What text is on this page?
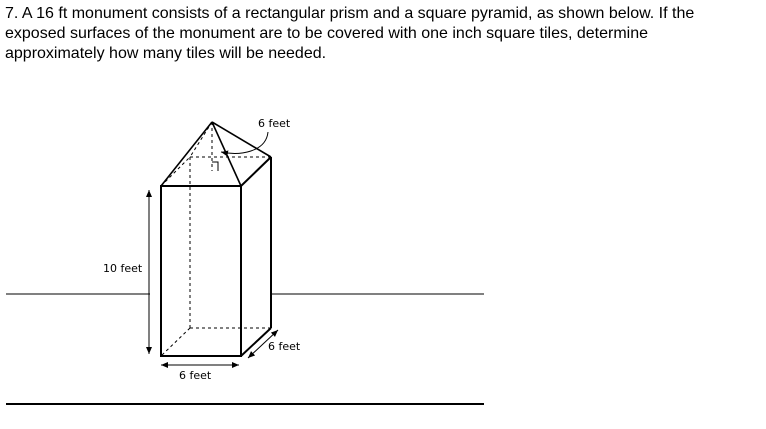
7. A 16 ft monument consists of a rectangular prism and a square pyramid, as shown below. If the
exposed surfaces of the monument are to be covered with one inch square tiles, determine
approximately how many tiles will be needed.

6 feet
10 feet
6 feet
6 feet
